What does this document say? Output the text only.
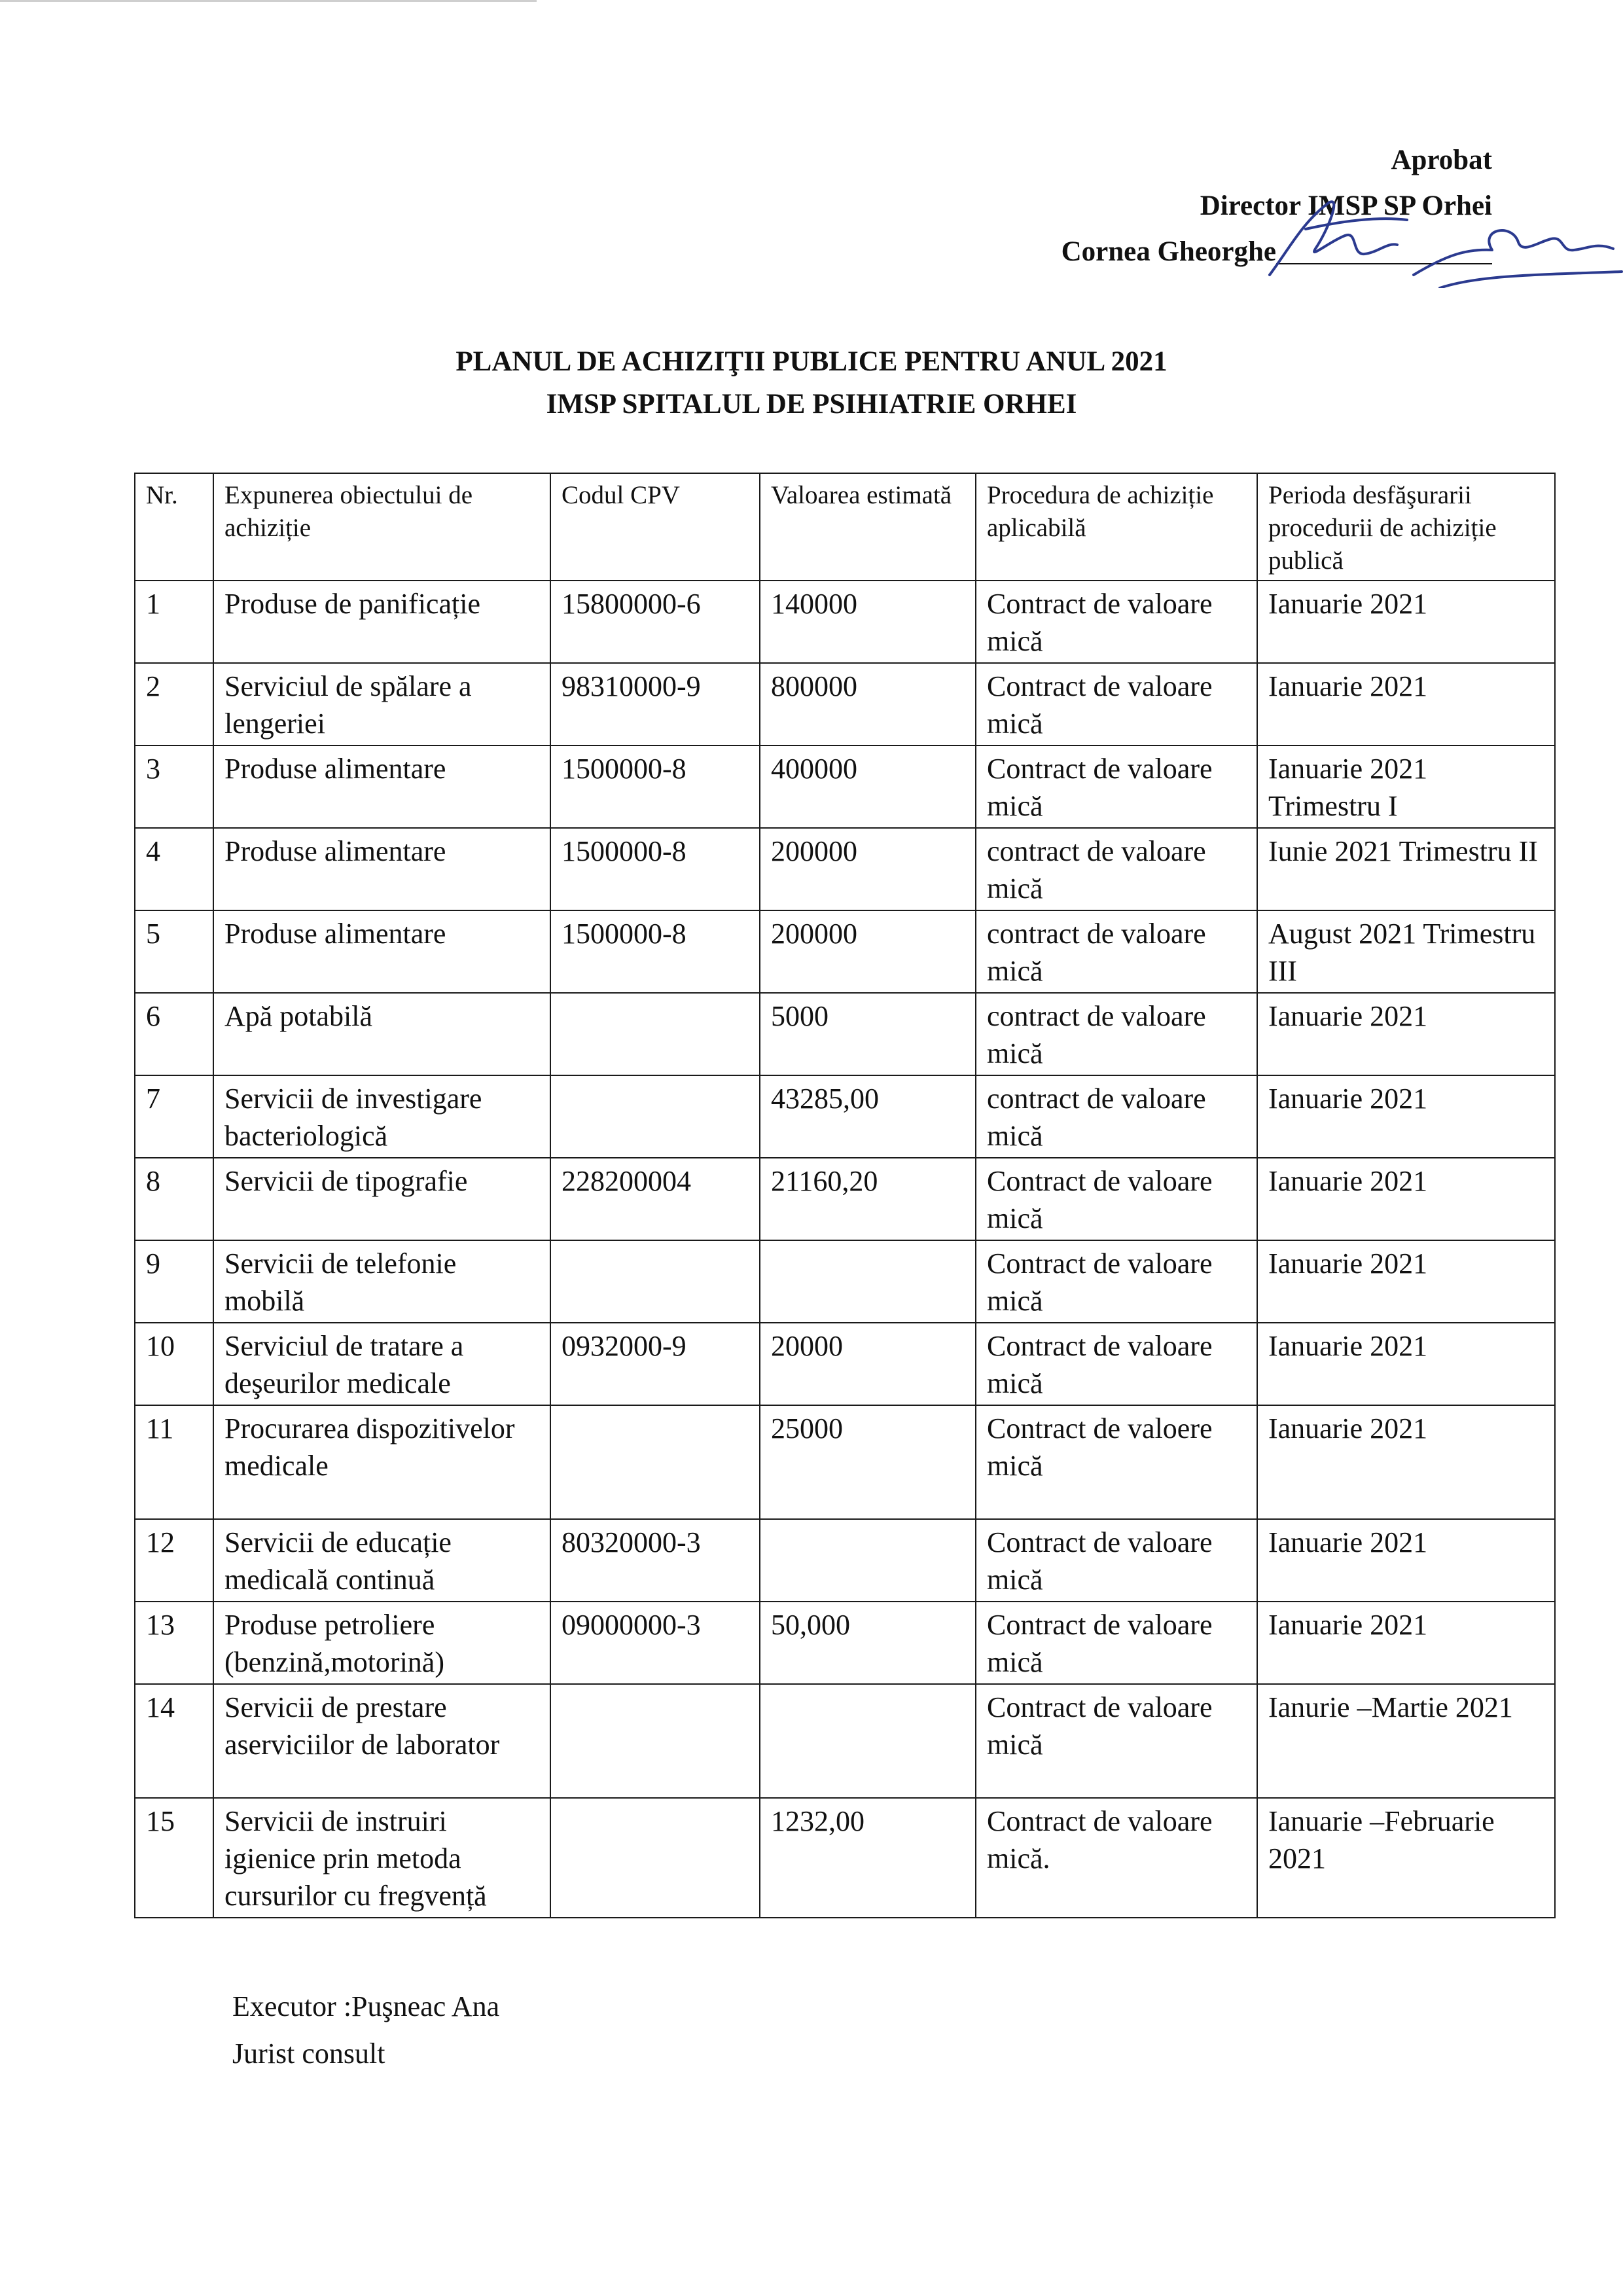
Aprobat
Director IMSP SP Orhei
Cornea Gheorghe
PLANUL DE ACHIZIŢII PUBLICE PENTRU ANUL 2021
IMSP SPITALUL DE PSIHIATRIE ORHEI
Nr.	Expunerea obiectului de achiziție	Codul CPV	Valoarea estimată	Procedura de achiziție aplicabilă	Perioda desfăşurarii procedurii de achiziție publică
1	Produse de panificație	15800000-6	140000	Contract de valoare mică	Ianuarie 2021
2	Serviciul de spălare a lengeriei	98310000-9	800000	Contract de valoare mică	Ianuarie 2021
3	Produse alimentare	1500000-8	400000	Contract de valoare mică	Ianuarie 2021 Trimestru I
4	Produse alimentare	1500000-8	200000	contract de valoare mică	Iunie 2021 Trimestru II
5	Produse alimentare	1500000-8	200000	contract de valoare mică	August 2021 Trimestru III
6	Apă potabilă		5000	contract de valoare mică	Ianuarie 2021
7	Servicii de investigare bacteriologică		43285,00	contract de valoare mică	Ianuarie 2021
8	Servicii de tipografie	228200004	21160,20	Contract de valoare mică	Ianuarie 2021
9	Servicii de telefonie mobilă			Contract de valoare mică	Ianuarie 2021
10	Serviciul de tratare a deşeurilor medicale	0932000-9	20000	Contract de valoare mică	Ianuarie 2021
11	Procurarea dispozitivelor medicale		25000	Contract de valoere mică	Ianuarie 2021
12	Servicii de educație medicală continuă	80320000-3		Contract de valoare mică	Ianuarie 2021
13	Produse petroliere (benzină,motorină)	09000000-3	50,000	Contract de valoare mică	Ianuarie 2021
14	Servicii de prestare aserviciilor de laborator			Contract de valoare mică	Ianurie –Martie 2021
15	Servicii de instruiri igienice prin metoda cursurilor cu fregvență		1232,00	Contract de valoare mică.	Ianuarie –Februarie 2021
Executor :Puşneac Ana
Jurist consult
